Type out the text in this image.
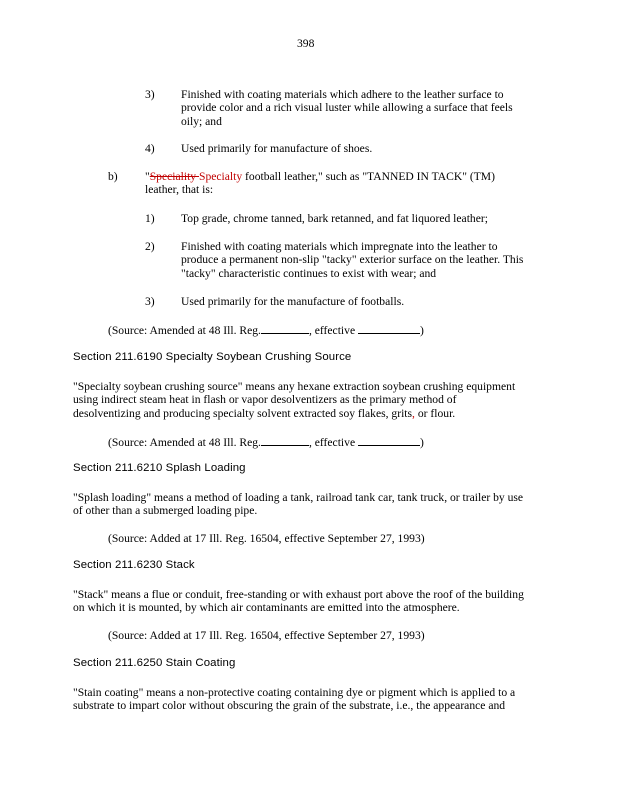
398
3) Finished with coating materials which adhere to the leather surface to
provide color and a rich visual luster while allowing a surface that feels
oily; and
4) Used primarily for manufacture of shoes.
b) "Speciality Specialty football leather," such as "TANNED IN TACK" (TM)
leather, that is:
1) Top grade, chrome tanned, bark retanned, and fat liquored leather;
2) Finished with coating materials which impregnate into the leather to
produce a permanent non-slip "tacky" exterior surface on the leather. This
"tacky" characteristic continues to exist with wear; and
3) Used primarily for the manufacture of footballs.
(Source: Amended at 48 Ill. Reg.	, effective	)
Section 211.6190 Specialty Soybean Crushing Source
"Specialty soybean crushing source" means any hexane extraction soybean crushing equipment
using indirect steam heat in flash or vapor desolventizers as the primary method of
desolventizing and producing specialty solvent extracted soy flakes, grits, or flour.
(Source: Amended at 48 Ill. Reg.	, effective	)
Section 211.6210 Splash Loading
"Splash loading" means a method of loading a tank, railroad tank car, tank truck, or trailer by use
of other than a submerged loading pipe.
(Source: Added at 17 Ill. Reg. 16504, effective September 27, 1993)
Section 211.6230 Stack
"Stack" means a flue or conduit, free-standing or with exhaust port above the roof of the building
on which it is mounted, by which air contaminants are emitted into the atmosphere.
(Source: Added at 17 Ill. Reg. 16504, effective September 27, 1993)
Section 211.6250 Stain Coating
"Stain coating" means a non-protective coating containing dye or pigment which is applied to a
substrate to impart color without obscuring the grain of the substrate, i.e., the appearance and
